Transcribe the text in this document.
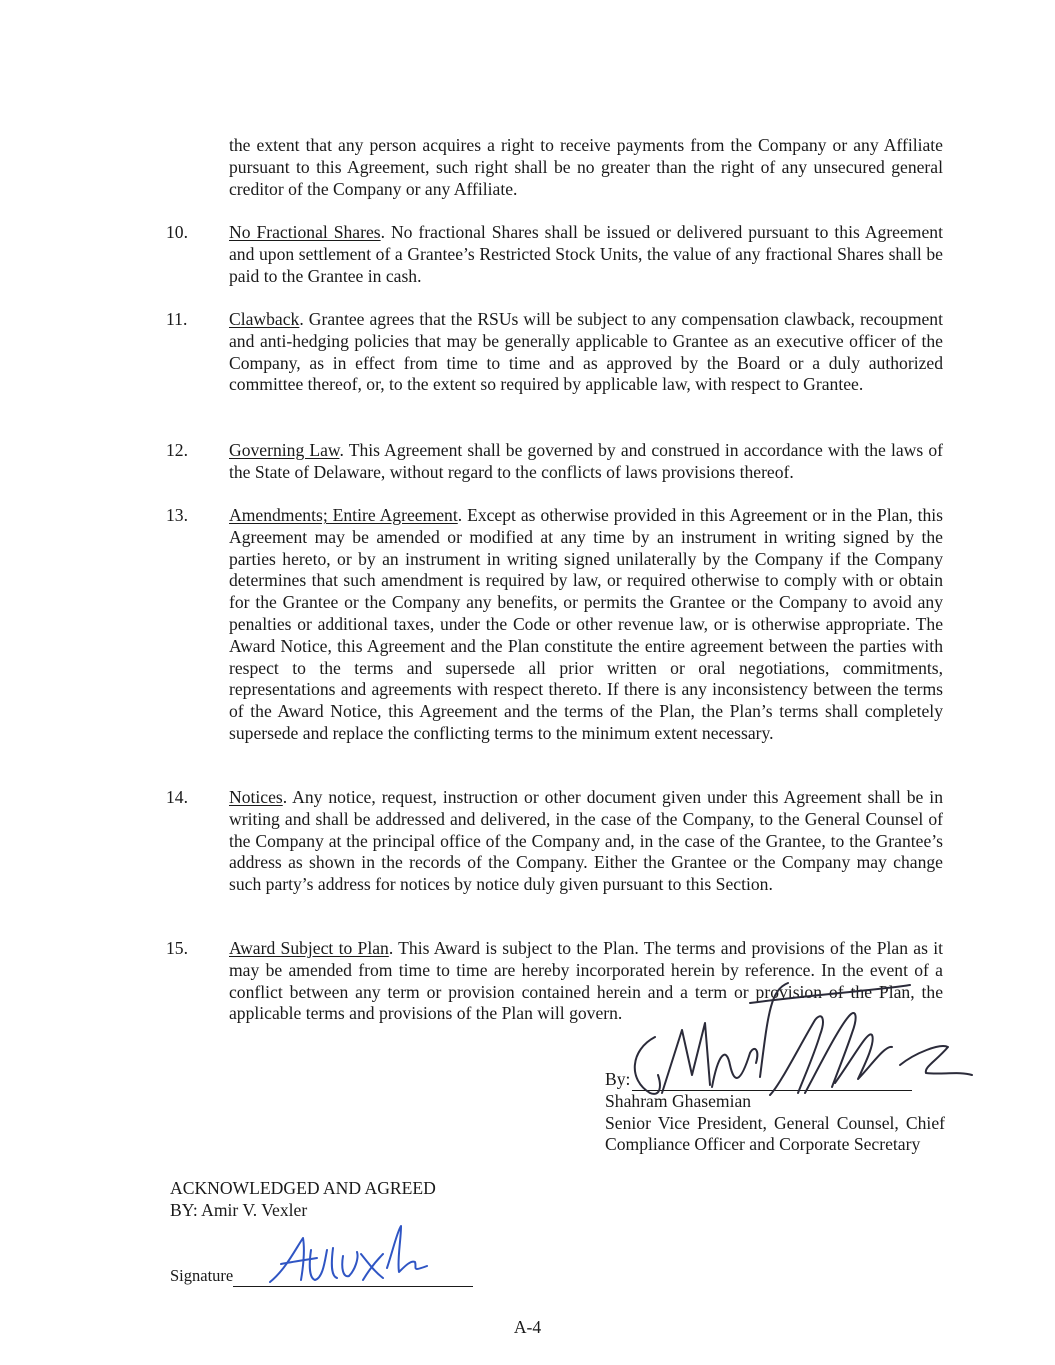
the extent that any person acquires a right to receive payments from the Company or any Affiliate pursuant to this Agreement, such right shall be no greater than the right of any unsecured general creditor of the Company or any Affiliate.
10. No Fractional Shares. No fractional Shares shall be issued or delivered pursuant to this Agreement and upon settlement of a Grantee’s Restricted Stock Units, the value of any fractional Shares shall be paid to the Grantee in cash.
11. Clawback. Grantee agrees that the RSUs will be subject to any compensation clawback, recoupment and anti-hedging policies that may be generally applicable to Grantee as an executive officer of the Company, as in effect from time to time and as approved by the Board or a duly authorized committee thereof, or, to the extent so required by applicable law, with respect to Grantee.
12. Governing Law. This Agreement shall be governed by and construed in accordance with the laws of the State of Delaware, without regard to the conflicts of laws provisions thereof.
13. Amendments; Entire Agreement. Except as otherwise provided in this Agreement or in the Plan, this Agreement may be amended or modified at any time by an instrument in writing signed by the parties hereto, or by an instrument in writing signed unilaterally by the Company if the Company determines that such amendment is required by law, or required otherwise to comply with or obtain for the Grantee or the Company any benefits, or permits the Grantee or the Company to avoid any penalties or additional taxes, under the Code or other revenue law, or is otherwise appropriate. The Award Notice, this Agreement and the Plan constitute the entire agreement between the parties with respect to the terms and supersede all prior written or oral negotiations, commitments, representations and agreements with respect thereto. If there is any inconsistency between the terms of the Award Notice, this Agreement and the terms of the Plan, the Plan’s terms shall completely supersede and replace the conflicting terms to the minimum extent necessary.
14. Notices. Any notice, request, instruction or other document given under this Agreement shall be in writing and shall be addressed and delivered, in the case of the Company, to the General Counsel of the Company at the principal office of the Company and, in the case of the Grantee, to the Grantee’s address as shown in the records of the Company. Either the Grantee or the Company may change such party’s address for notices by notice duly given pursuant to this Section.
15. Award Subject to Plan. This Award is subject to the Plan. The terms and provisions of the Plan as it may be amended from time to time are hereby incorporated herein by reference. In the event of a conflict between any term or provision contained herein and a term or provision of the Plan, the applicable terms and provisions of the Plan will govern.
By:
Shahram Ghasemian
Senior Vice President, General Counsel, Chief Compliance Officer and Corporate Secretary
ACKNOWLEDGED AND AGREED
BY: Amir V. Vexler
Signature
A-4
